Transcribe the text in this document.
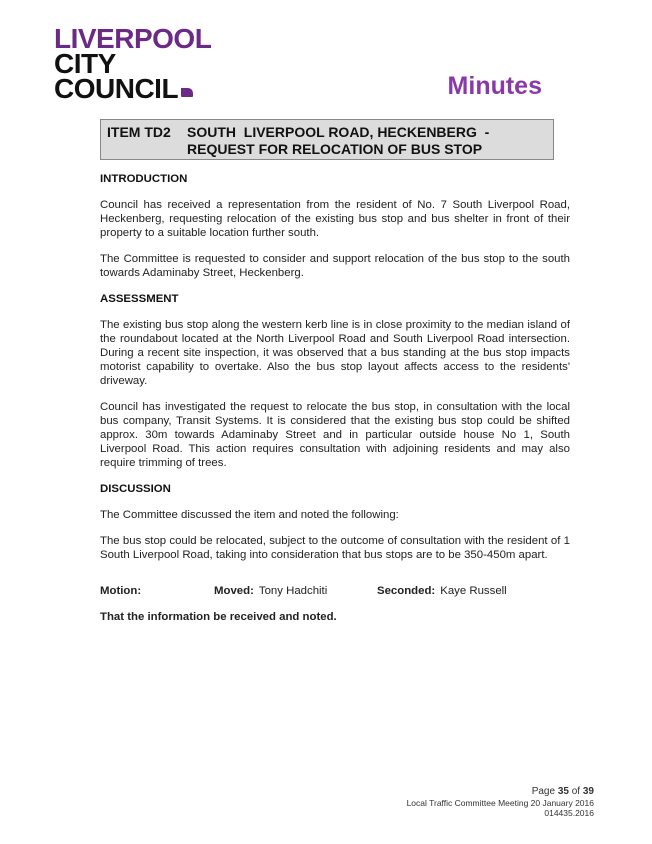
LIVERPOOL
CITY
COUNCIL	Minutes
ITEM TD2 SOUTH  LIVERPOOL ROAD, HECKENBERG  -
REQUEST FOR RELOCATION OF BUS STOP
INTRODUCTION

Council has received a representation from the resident of No. 7 South Liverpool Road, Heckenberg, requesting relocation of the existing bus stop and bus shelter in front of their property to a suitable location further south.

The Committee is requested to consider and support relocation of the bus stop to the south towards Adaminaby Street, Heckenberg.

ASSESSMENT

The existing bus stop along the western kerb line is in close proximity to the median island of the roundabout located at the North Liverpool Road and South Liverpool Road intersection. During a recent site inspection, it was observed that a bus standing at the bus stop impacts motorist capability to overtake. Also the bus stop layout affects access to the residents' driveway.

Council has investigated the request to relocate the bus stop, in consultation with the local bus company, Transit Systems. It is considered that the existing bus stop could be shifted approx. 30m towards Adaminaby Street and in particular outside house No 1, South Liverpool Road. This action requires consultation with adjoining residents and may also require trimming of trees.

DISCUSSION

The Committee discussed the item and noted the following:

The bus stop could be relocated, subject to the outcome of consultation with the resident of 1 South Liverpool Road, taking into consideration that bus stops are to be 350-450m apart.

Motion:	Moved: Tony Hadchiti	Seconded: Kaye Russell
That the information be received and noted.
Page 35 of 39
Local Traffic Committee Meeting 20 January 2016
014435.2016
